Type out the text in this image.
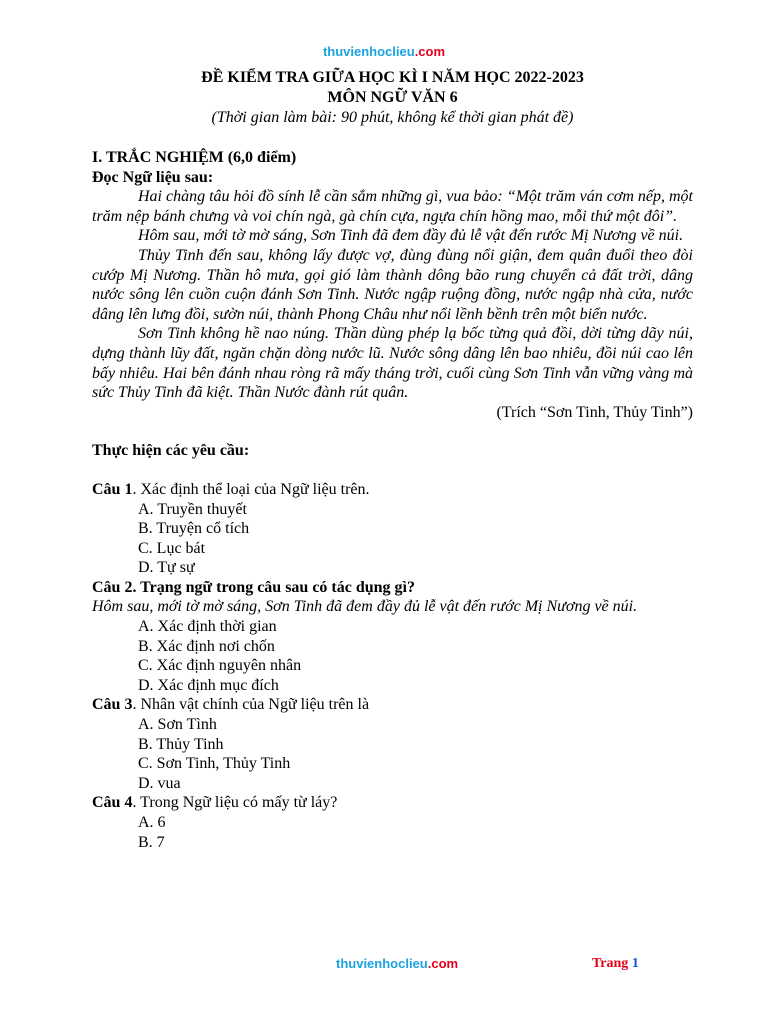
thuvienhoclieu.com
ĐỀ KIỂM TRA GIỮA HỌC KÌ I NĂM HỌC 2022-2023
MÔN NGỮ VĂN 6
(Thời gian làm bài: 90 phút, không kể thời gian phát đề)
I. TRẮC NGHIỆM (6,0 điểm)
Đọc Ngữ liệu sau:
Hai chàng tâu hỏi đồ sính lễ cần sắm những gì, vua bảo: “Một trăm ván cơm nếp, một trăm nệp bánh chưng và voi chín ngà, gà chín cựa, ngựa chín hồng mao, mỗi thứ một đôi”.
Hôm sau, mới tờ mờ sáng, Sơn Tinh đã đem đầy đủ lễ vật đến rước Mị Nương về núi.
Thủy Tinh đến sau, không lấy được vợ, đùng đùng nổi giận, đem quân đuổi theo đòi cướp Mị Nương. Thần hô mưa, gọi gió làm thành dông bão rung chuyển cả đất trời, dâng nước sông lên cuồn cuộn đánh Sơn Tinh. Nước ngập ruộng đồng, nước ngập nhà cửa, nước dâng lên lưng đồi, sườn núi, thành Phong Châu như nổi lềnh bềnh trên một biển nước.
Sơn Tinh không hề nao núng. Thần dùng phép lạ bốc từng quả đồi, dời từng dãy núi, dựng thành lũy đất, ngăn chặn dòng nước lũ. Nước sông dâng lên bao nhiêu, đồi núi cao lên bấy nhiêu. Hai bên đánh nhau ròng rã mấy tháng trời, cuối cùng Sơn Tinh vẫn vững vàng mà sức Thủy Tinh đã kiệt. Thần Nước đành rút quân.
(Trích “Sơn Tinh, Thủy Tinh”)
Thực hiện các yêu cầu:
Câu 1. Xác định thể loại của Ngữ liệu trên.
A. Truyền thuyết
B. Truyện cổ tích
C. Lục bát
D. Tự sự
Câu 2. Trạng ngữ trong câu sau có tác dụng gì?
Hôm sau, mới tờ mờ sáng, Sơn Tinh đã đem đầy đủ lễ vật đến rước Mị Nương về núi.
A. Xác định thời gian
B. Xác định nơi chốn
C. Xác định nguyên nhân
D. Xác định mục đích
Câu 3. Nhân vật chính của Ngữ liệu trên là
A. Sơn Tình
B. Thủy Tinh
C. Sơn Tinh, Thủy Tinh
D. vua
Câu 4. Trong Ngữ liệu có mấy từ láy?
A. 6
B. 7
thuvienhoclieu.com	Trang 1
